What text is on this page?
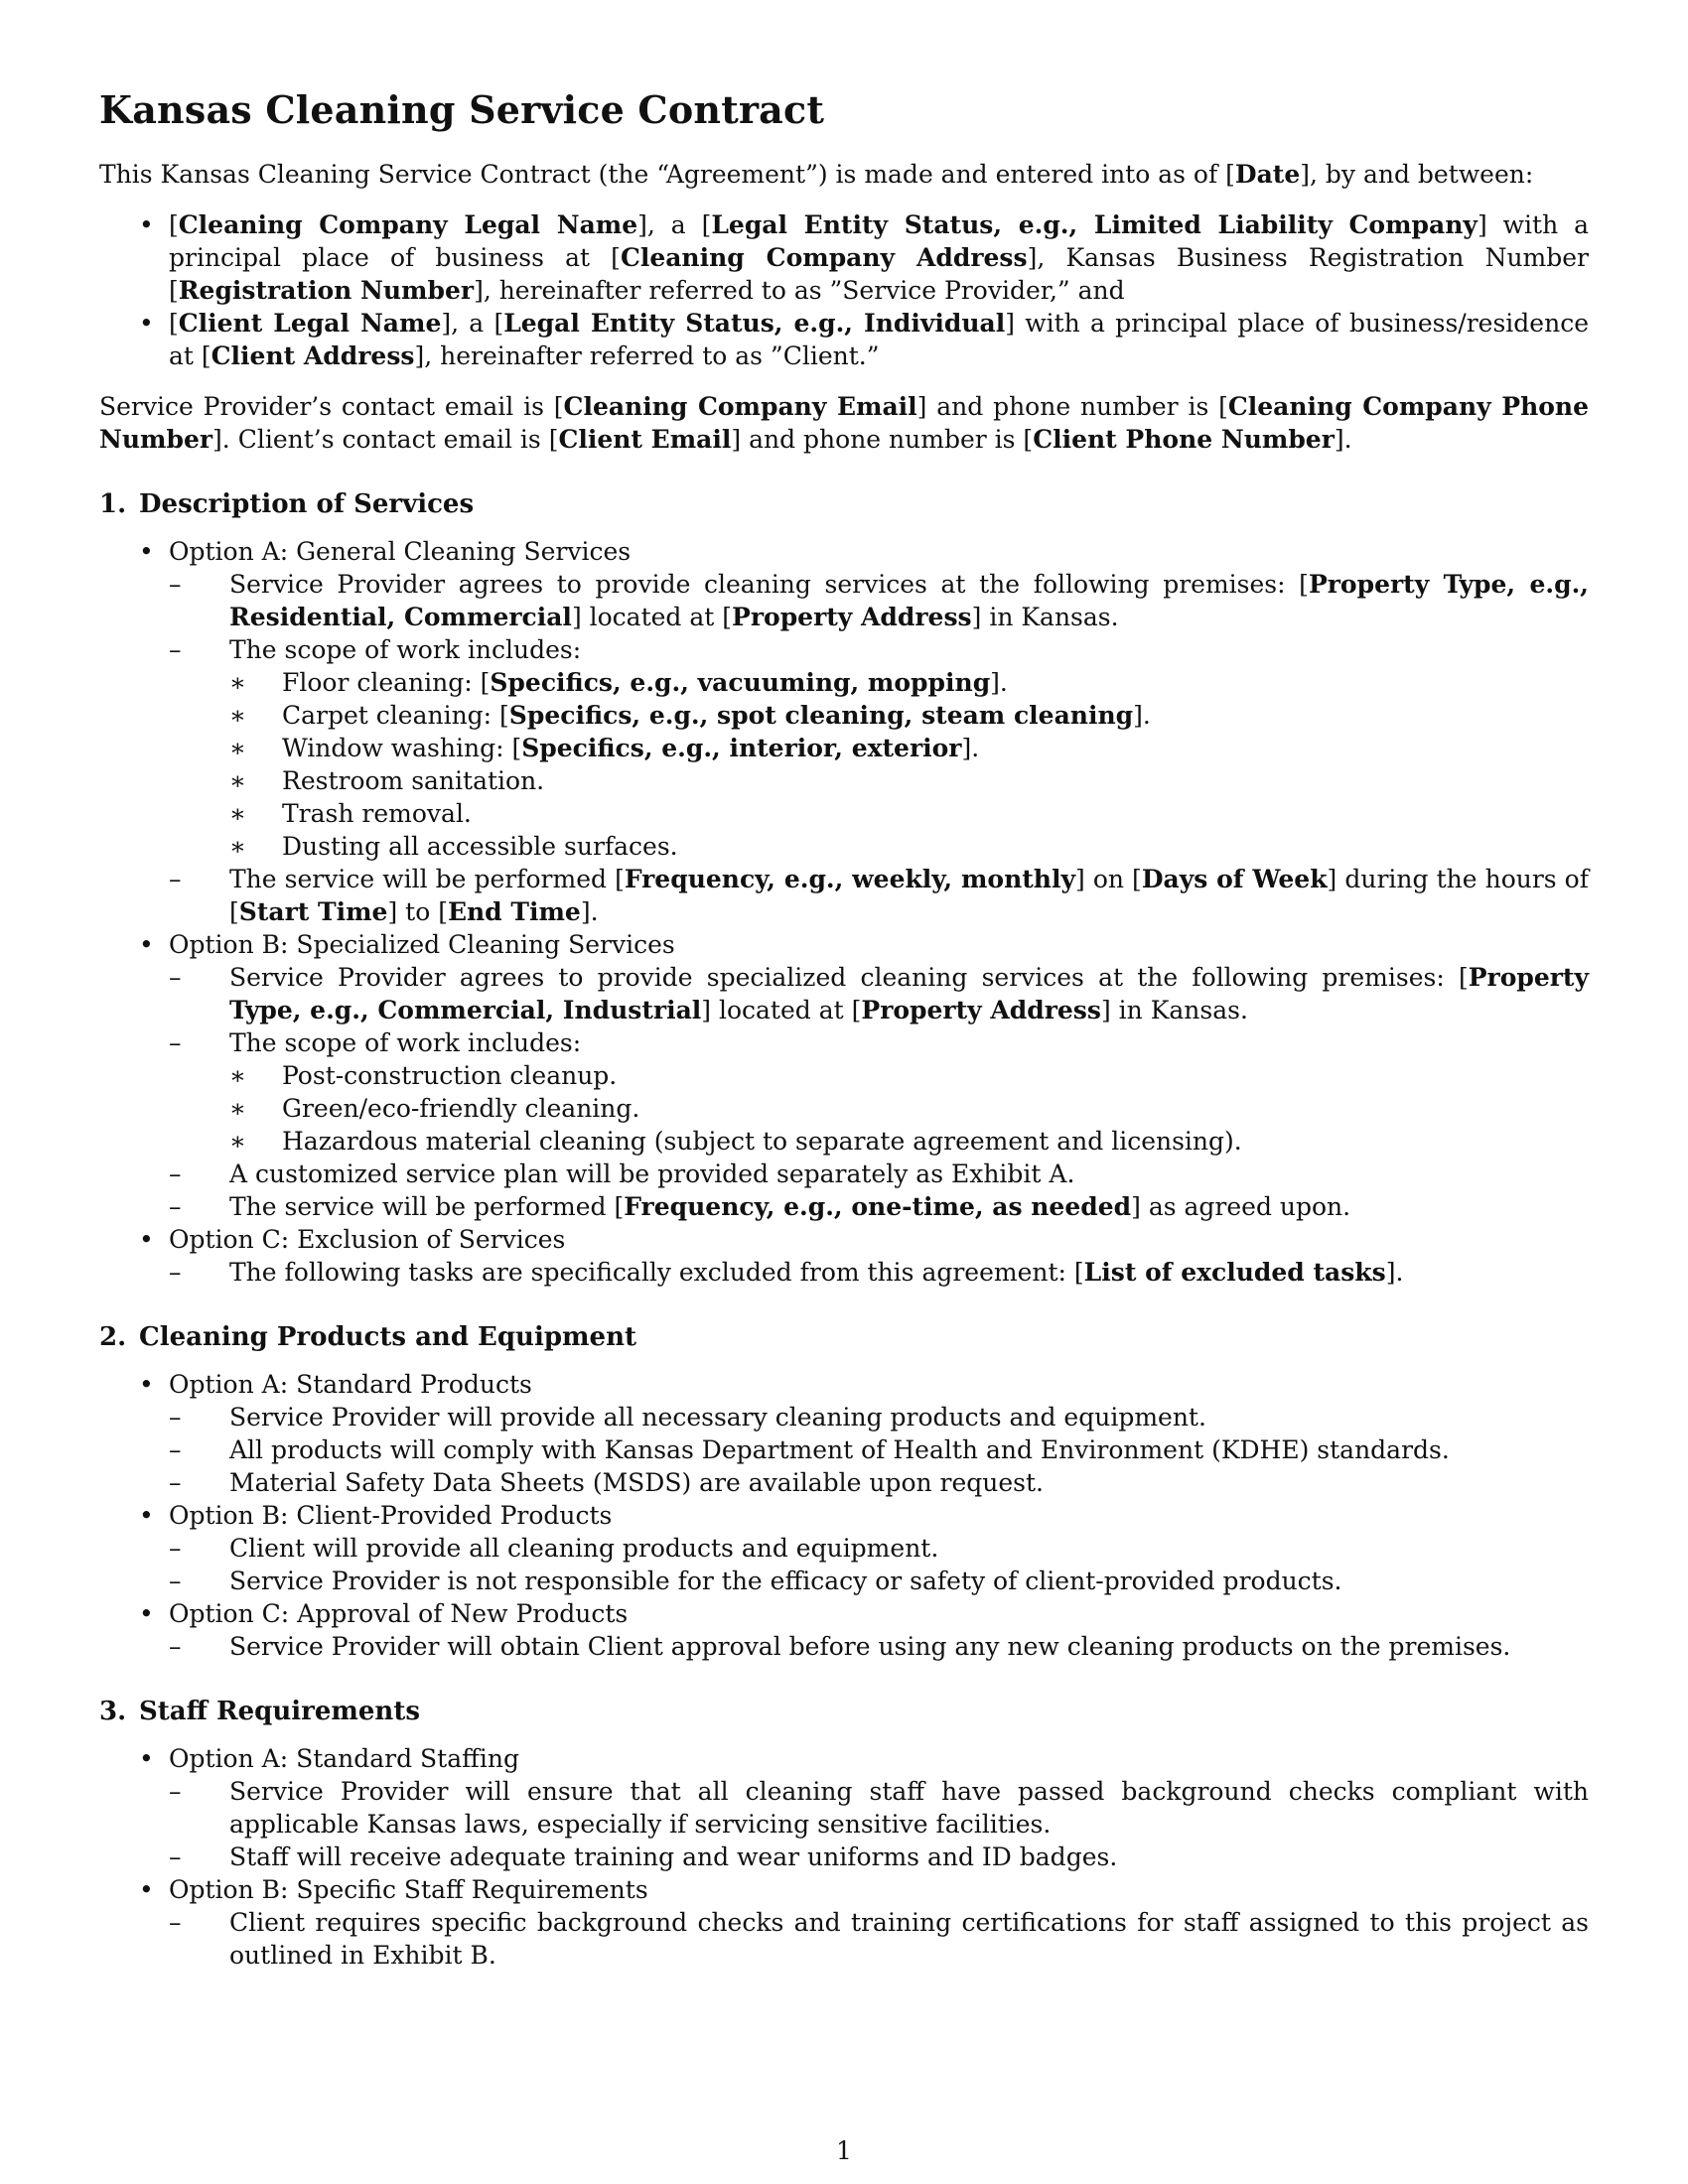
Kansas Cleaning Service Contract

This Kansas Cleaning Service Contract (the “Agreement”) is made and entered into as of [Date], by and between:

• [Cleaning Company Legal Name], a [Legal Entity Status, e.g., Limited Liability Company] with a principal place of business at [Cleaning Company Address], Kansas Business Registration Number [Registration Number], hereinafter referred to as ”Service Provider,” and
• [Client Legal Name], a [Legal Entity Status, e.g., Individual] with a principal place of business/residence at [Client Address], hereinafter referred to as ”Client.”

Service Provider’s contact email is [Cleaning Company Email] and phone number is [Cleaning Company Phone Number]. Client’s contact email is [Client Email] and phone number is [Client Phone Number].

1. Description of Services
• Option A: General Cleaning Services
– Service Provider agrees to provide cleaning services at the following premises: [Property Type, e.g., Residential, Commercial] located at [Property Address] in Kansas.
– The scope of work includes:
∗ Floor cleaning: [Specifics, e.g., vacuuming, mopping].
∗ Carpet cleaning: [Specifics, e.g., spot cleaning, steam cleaning].
∗ Window washing: [Specifics, e.g., interior, exterior].
∗ Restroom sanitation.
∗ Trash removal.
∗ Dusting all accessible surfaces.
– The service will be performed [Frequency, e.g., weekly, monthly] on [Days of Week] during the hours of [Start Time] to [End Time].
• Option B: Specialized Cleaning Services
– Service Provider agrees to provide specialized cleaning services at the following premises: [Property Type, e.g., Commercial, Industrial] located at [Property Address] in Kansas.
– The scope of work includes:
∗ Post-construction cleanup.
∗ Green/eco-friendly cleaning.
∗ Hazardous material cleaning (subject to separate agreement and licensing).
– A customized service plan will be provided separately as Exhibit A.
– The service will be performed [Frequency, e.g., one-time, as needed] as agreed upon.
• Option C: Exclusion of Services
– The following tasks are specifically excluded from this agreement: [List of excluded tasks].
2. Cleaning Products and Equipment
• Option A: Standard Products
– Service Provider will provide all necessary cleaning products and equipment.
– All products will comply with Kansas Department of Health and Environment (KDHE) standards.
– Material Safety Data Sheets (MSDS) are available upon request.
• Option B: Client-Provided Products
– Client will provide all cleaning products and equipment.
– Service Provider is not responsible for the efficacy or safety of client-provided products.
• Option C: Approval of New Products
– Service Provider will obtain Client approval before using any new cleaning products on the premises.
3. Staff Requirements
• Option A: Standard Staffing
– Service Provider will ensure that all cleaning staff have passed background checks compliant with applicable Kansas laws, especially if servicing sensitive facilities.
– Staff will receive adequate training and wear uniforms and ID badges.
• Option B: Specific Staff Requirements
– Client requires specific background checks and training certifications for staff assigned to this project as outlined in Exhibit B.
1
